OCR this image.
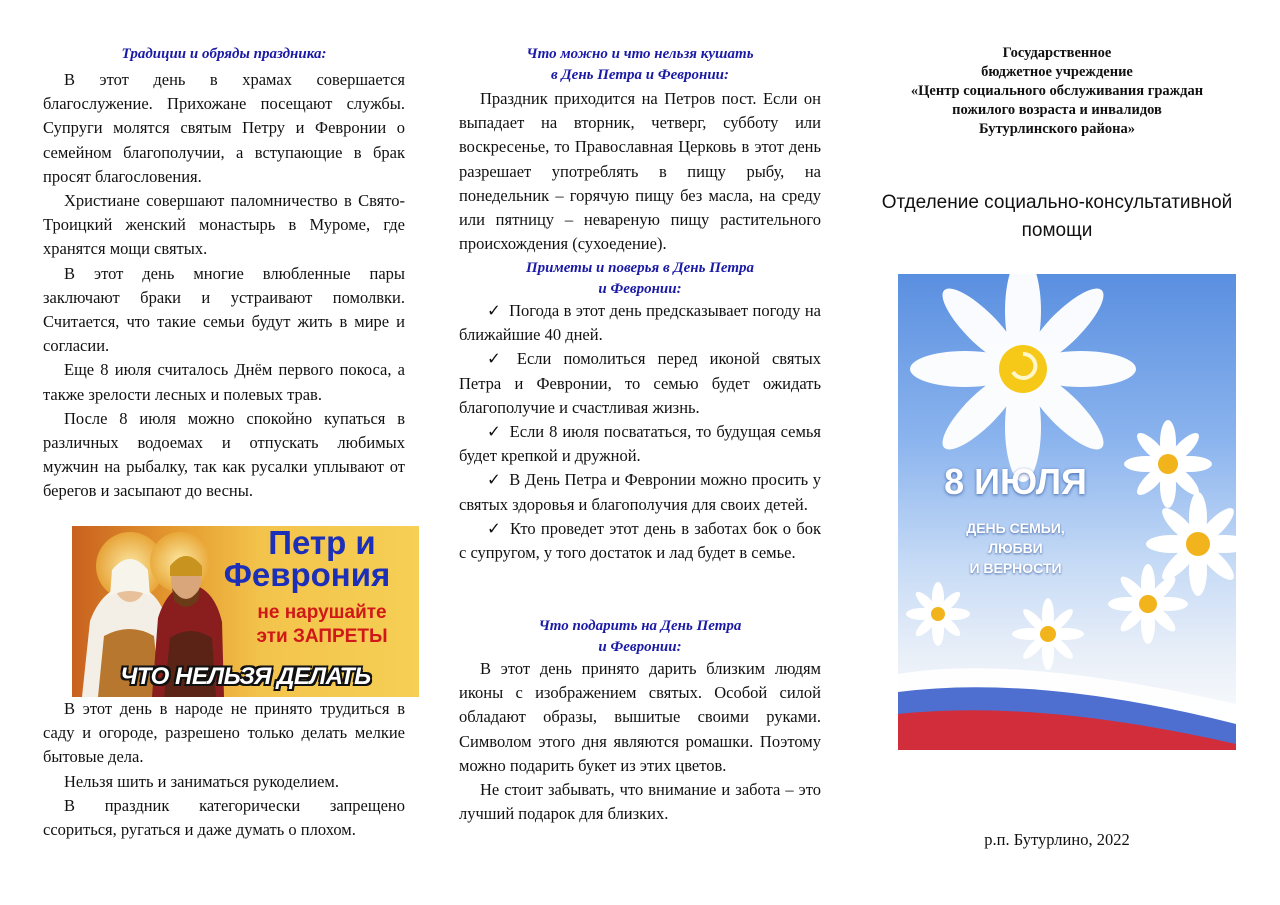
Традиции и обряды праздника:

В этот день в храмах совершается благослужение. Прихожане посещают службы. Супруги молятся святым Петру и Февронии о семейном благополучии, а вступающие в брак просят благословения.

Христиане совершают паломничество в Свято-Троицкий женский монастырь в Муроме, где хранятся мощи святых.

В этот день многие влюбленные пары заключают браки и устраивают помолвки. Считается, что такие семьи будут жить в мире и согласии.

Еще 8 июля считалось Днём первого покоса, а также зрелости лесных и полевых трав.

После 8 июля можно спокойно купаться в различных водоемах и отпускать любимых мужчин на рыбалку, так как русалки уплывают от берегов и засыпают до весны.

Петр и
Феврония
не нарушайте
эти ЗАПРЕТЫ
ЧТО НЕЛЬЗЯ ДЕЛАТЬ

В этот день в народе не принято трудиться в саду и огороде, разрешено только делать мелкие бытовые дела.

Нельзя шить и заниматься рукоделием.

В праздник категорически запрещено ссориться, ругаться и даже думать о плохом.

Что можно и что нельзя кушать
в День Петра и Февронии:

Праздник приходится на Петров пост. Если он выпадает на вторник, четверг, субботу или воскресенье, то Православная Церковь в этот день разрешает употреблять в пищу рыбу, на понедельник – горячую пищу без масла, на среду или пятницу – невареную пищу растительного происхождения (сухоедение).

Приметы и поверья в День Петра
и Февронии:

✓ Погода в этот день предсказывает погоду на ближайшие 40 дней.

✓ Если помолиться перед иконой святых Петра и Февронии, то семью будет ожидать благополучие и счастливая жизнь.

✓ Если 8 июля посвататься, то будущая семья будет крепкой и дружной.

✓ В День Петра и Февронии можно просить у святых здоровья и благополучия для своих детей.

✓ Кто проведет этот день в заботах бок о бок с супругом, у того достаток и лад будет в семье.

Что подарить на День Петра
и Февронии:

В этот день принято дарить близким людям иконы с изображением святых. Особой силой обладают образы, вышитые своими руками. Символом этого дня являются ромашки. Поэтому можно подарить букет из этих цветов.

Не стоит забывать, что внимание и забота – это лучший подарок для близких.

Государственное
бюджетное учреждение
«Центр социального обслуживания граждан
пожилого возраста и инвалидов
Бутурлинского района»
Отделение социально-консультативной помощи
8 ИЮЛЯ
ДЕНЬ СЕМЬИ,
ЛЮБВИ
И ВЕРНОСТИ
р.п. Бутурлино, 2022
